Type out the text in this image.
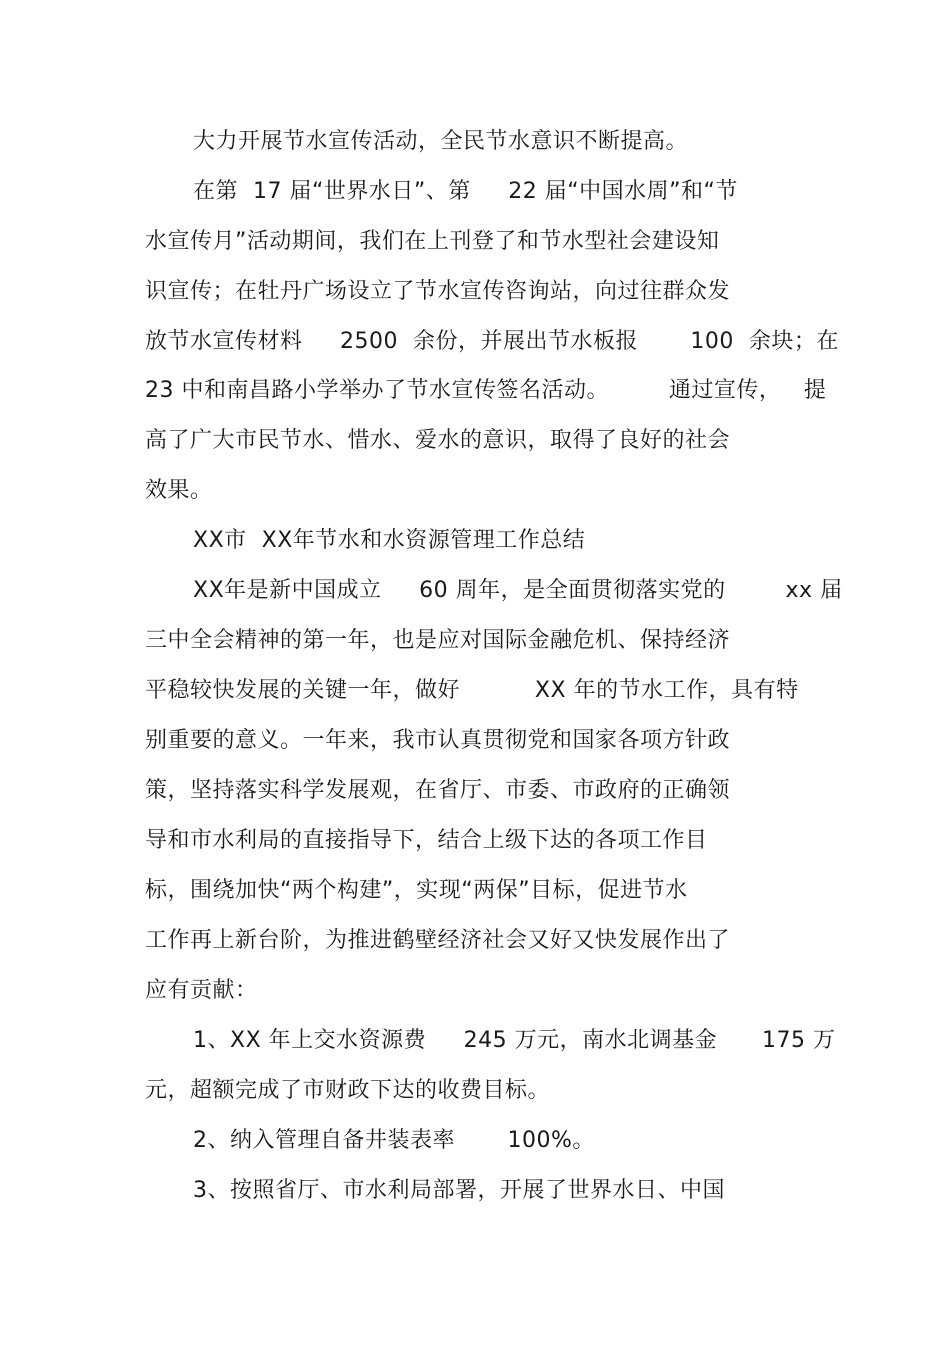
大力开展节水宣传活动，全民节水意识不断提高。
在第  17 届“世界水日”、第     22 届“中国水周”和“节
水宣传月”活动期间，我们在上刊登了和节水型社会建设知
识宣传；在牡丹广场设立了节水宣传咨询站，向过往群众发
放节水宣传材料     2500  余份，并展出节水板报       100  余块；在
23 中和南昌路小学举办了节水宣传签名活动。        通过宣传，   提
高了广大市民节水、惜水、爱水的意识，取得了良好的社会
效果。
XX市  XX年节水和水资源管理工作总结
XX年是新中国成立     60 周年，是全面贯彻落实党的        xx 届
三中全会精神的第一年，也是应对国际金融危机、保持经济
平稳较快发展的关键一年，做好          XX 年的节水工作，具有特
别重要的意义。一年来，我市认真贯彻党和国家各项方针政
策，坚持落实科学发展观，在省厅、市委、市政府的正确领
导和市水利局的直接指导下，结合上级下达的各项工作目
标，围绕加快“两个构建”，实现“两保”目标，促进节水
工作再上新台阶，为推进鹤壁经济社会又好又快发展作出了
应有贡献：
1、XX 年上交水资源费     245 万元，南水北调基金      175 万
元，超额完成了市财政下达的收费目标。
2、纳入管理自备井装表率       100%。
3、按照省厅、市水利局部署，开展了世界水日、中国
